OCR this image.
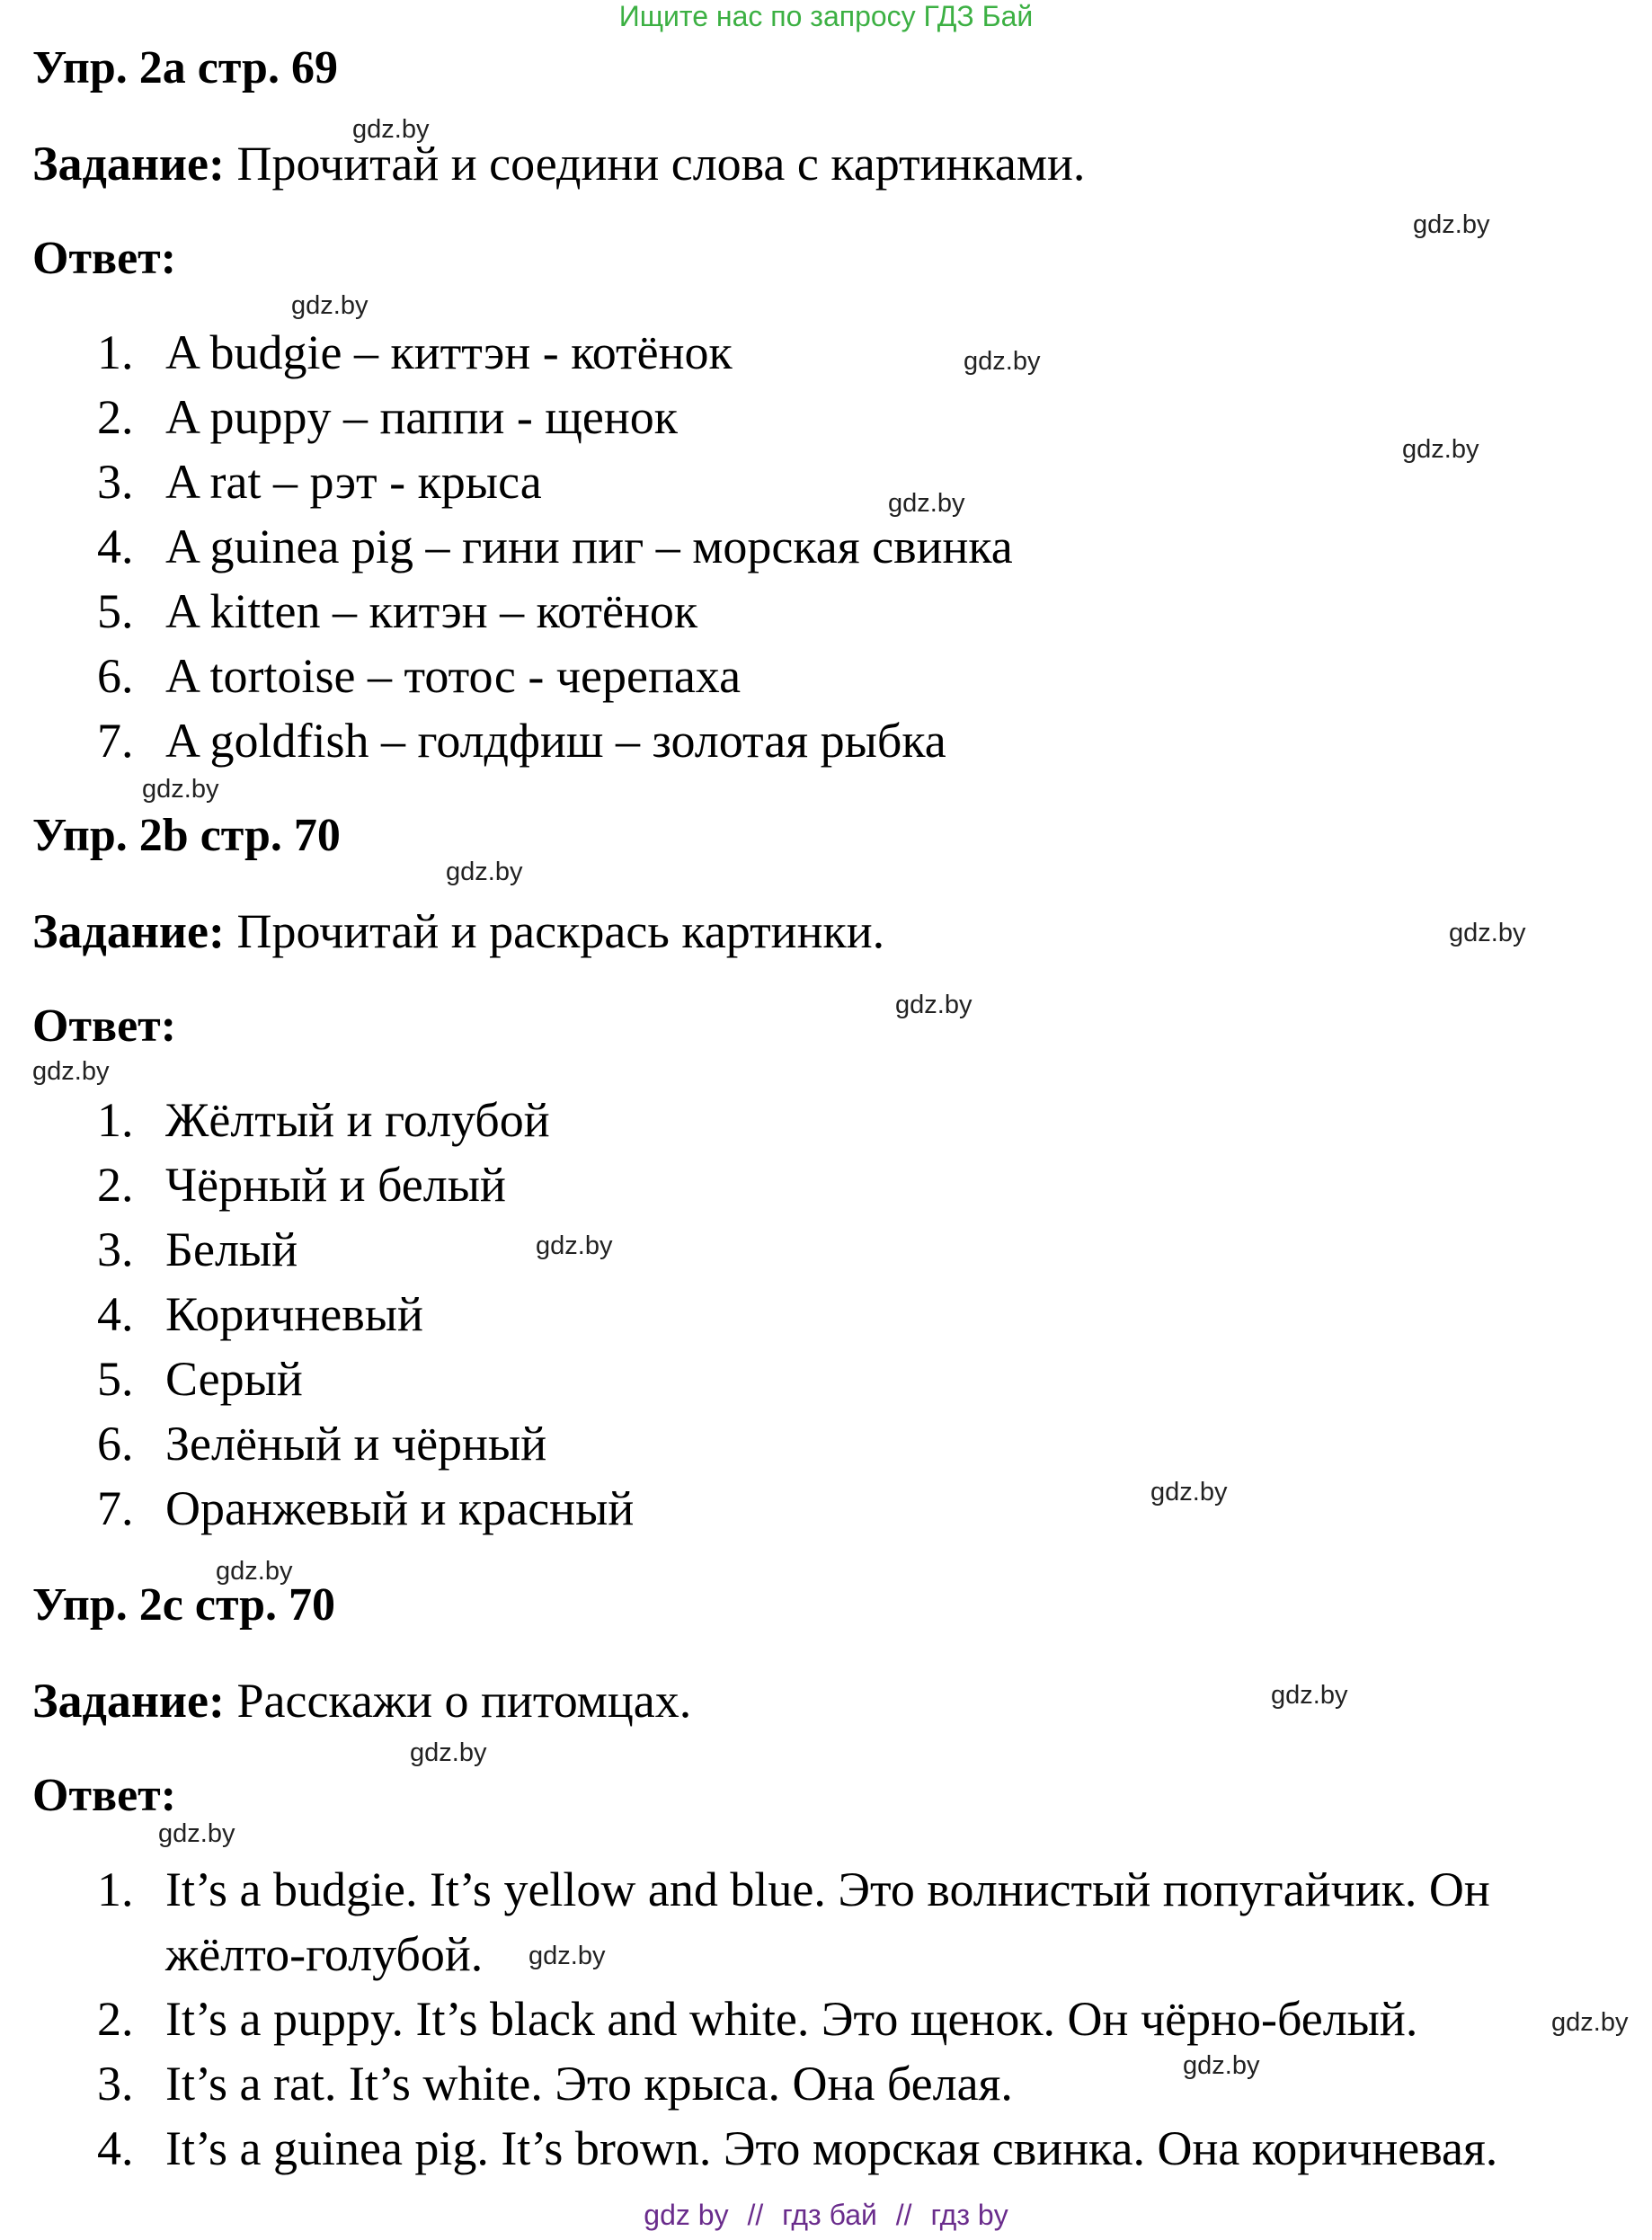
Ищите нас по запросу ГДЗ Бай
Упр. 2a стр. 69
Задание: Прочитай и соедини слова с картинками.
Ответ:
1. A budgie – киттэн - котёнок
2. A puppy – паппи - щенок
3. A rat – рэт - крыса
4. A guinea pig – гини пиг – морская свинка
5. A kitten – китэн – котёнок
6. A tortoise – тотос - черепаха
7. A goldfish – голдфиш – золотая рыбка
Упр. 2b стр. 70
Задание: Прочитай и раскрась картинки.
Ответ:
1. Жёлтый и голубой
2. Чёрный и белый
3. Белый
4. Коричневый
5. Серый
6. Зелёный и чёрный
7. Оранжевый и красный
Упр. 2c стр. 70
Задание: Расскажи о питомцах.
Ответ:
1. It’s a budgie. It’s yellow and blue. Это волнистый попугайчик. Он
жёлто-голубой.
2. It’s a puppy. It’s black and white. Это щенок. Он чёрно-белый.
3. It’s a rat. It’s white. Это крыса. Она белая.
4. It’s a guinea pig. It’s brown. Это морская свинка. Она коричневая.
gdz.by
gdz.by
gdz.by
gdz.by
gdz.by
gdz.by
gdz.by
gdz.by
gdz.by
gdz.by
gdz.by
gdz.by
gdz.by
gdz.by
gdz.by
gdz.by
gdz.by
gdz.by
gdz.by
gdz.by
gdz by // гдз бай // гдз by
